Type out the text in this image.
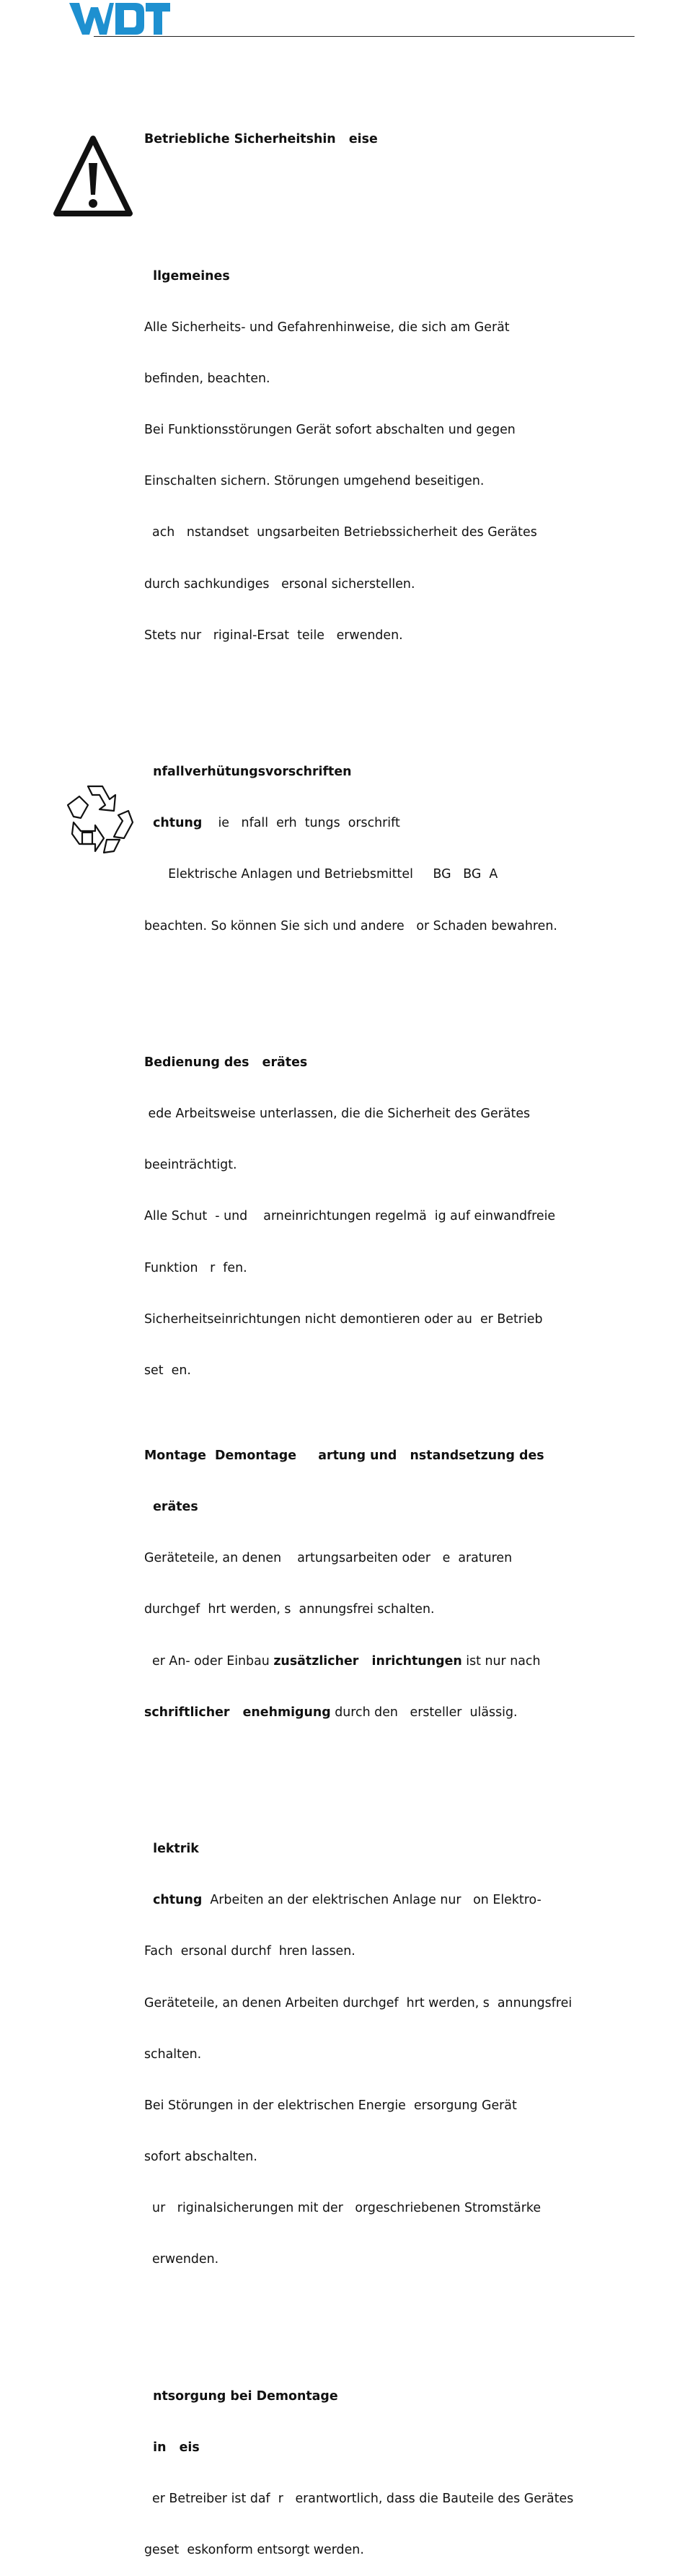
Betriebliche Sicherheitshin   eise

llgemeines

Alle Sicherheits- und Gefahrenhinweise, die sich am Gerät

befinden, beachten.

Bei Funktionsstörungen Gerät sofort abschalten und gegen

Einschalten sichern. Störungen umgehend beseitigen.

ach   nstandset  ungsarbeiten Betriebssicherheit des Gerätes

durch sachkundiges   ersonal sicherstellen.

Stets nur   riginal-Ersat  teile   erwenden.

nfallverhütungsvorschriften

chtung    ie   nfall  erh  tungs  orschrift

Elektrische Anlagen und Betriebsmittel     BG   BG  A

beachten. So können Sie sich und andere   or Schaden bewahren.

Bedienung des   erätes

ede Arbeitsweise unterlassen, die die Sicherheit des Gerätes

beeinträchtigt.

Alle Schut  - und    arneinrichtungen regelmä  ig auf einwandfreie

Funktion   r  fen.

Sicherheitseinrichtungen nicht demontieren oder au  er Betrieb

set  en.

Montage  Demontage     artung und   nstandsetzung des

erätes

Geräteteile, an denen    artungsarbeiten oder   e  araturen

durchgef  hrt werden, s  annungsfrei schalten.

er An- oder Einbau zusätzlicher   inrichtungen ist nur nach

schriftlicher   enehmigung durch den   ersteller  ulässig.

lektrik

chtung  Arbeiten an der elektrischen Anlage nur   on Elektro-

Fach  ersonal durchf  hren lassen.

Geräteteile, an denen Arbeiten durchgef  hrt werden, s  annungsfrei

schalten.

Bei Störungen in der elektrischen Energie  ersorgung Gerät

sofort abschalten.

ur   riginalsicherungen mit der   orgeschriebenen Stromstärke

erwenden.

ntsorgung bei Demontage

in   eis

er Betreiber ist daf  r   erantwortlich, dass die Bauteile des Gerätes

geset  eskonform entsorgt werden.
